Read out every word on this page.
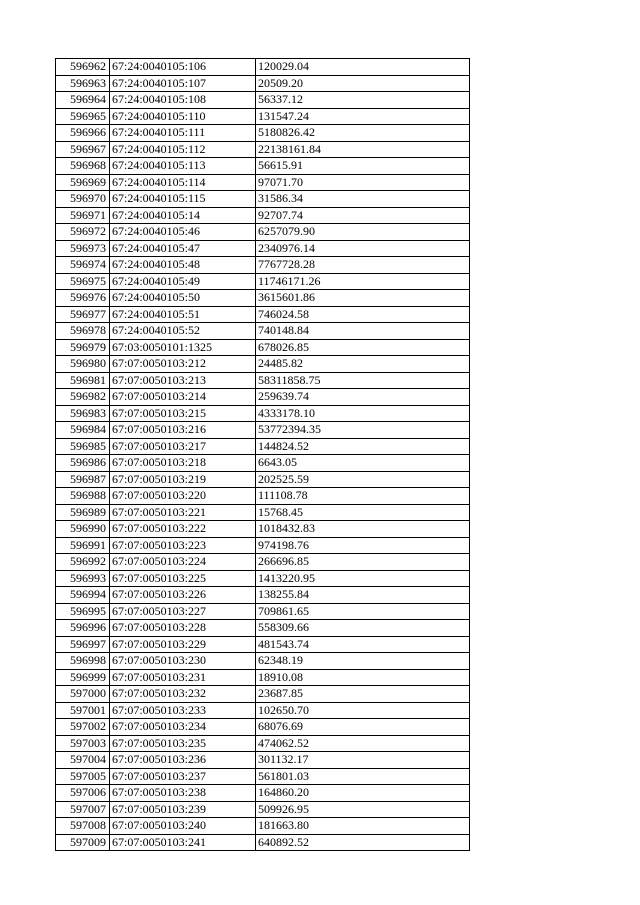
596962	67:24:0040105:106	120029.04
596963	67:24:0040105:107	20509.20
596964	67:24:0040105:108	56337.12
596965	67:24:0040105:110	131547.24
596966	67:24:0040105:111	5180826.42
596967	67:24:0040105:112	22138161.84
596968	67:24:0040105:113	56615.91
596969	67:24:0040105:114	97071.70
596970	67:24:0040105:115	31586.34
596971	67:24:0040105:14	92707.74
596972	67:24:0040105:46	6257079.90
596973	67:24:0040105:47	2340976.14
596974	67:24:0040105:48	7767728.28
596975	67:24:0040105:49	11746171.26
596976	67:24:0040105:50	3615601.86
596977	67:24:0040105:51	746024.58
596978	67:24:0040105:52	740148.84
596979	67:03:0050101:1325	678026.85
596980	67:07:0050103:212	24485.82
596981	67:07:0050103:213	58311858.75
596982	67:07:0050103:214	259639.74
596983	67:07:0050103:215	4333178.10
596984	67:07:0050103:216	53772394.35
596985	67:07:0050103:217	144824.52
596986	67:07:0050103:218	6643.05
596987	67:07:0050103:219	202525.59
596988	67:07:0050103:220	111108.78
596989	67:07:0050103:221	15768.45
596990	67:07:0050103:222	1018432.83
596991	67:07:0050103:223	974198.76
596992	67:07:0050103:224	266696.85
596993	67:07:0050103:225	1413220.95
596994	67:07:0050103:226	138255.84
596995	67:07:0050103:227	709861.65
596996	67:07:0050103:228	558309.66
596997	67:07:0050103:229	481543.74
596998	67:07:0050103:230	62348.19
596999	67:07:0050103:231	18910.08
597000	67:07:0050103:232	23687.85
597001	67:07:0050103:233	102650.70
597002	67:07:0050103:234	68076.69
597003	67:07:0050103:235	474062.52
597004	67:07:0050103:236	301132.17
597005	67:07:0050103:237	561801.03
597006	67:07:0050103:238	164860.20
597007	67:07:0050103:239	509926.95
597008	67:07:0050103:240	181663.80
597009	67:07:0050103:241	640892.52
